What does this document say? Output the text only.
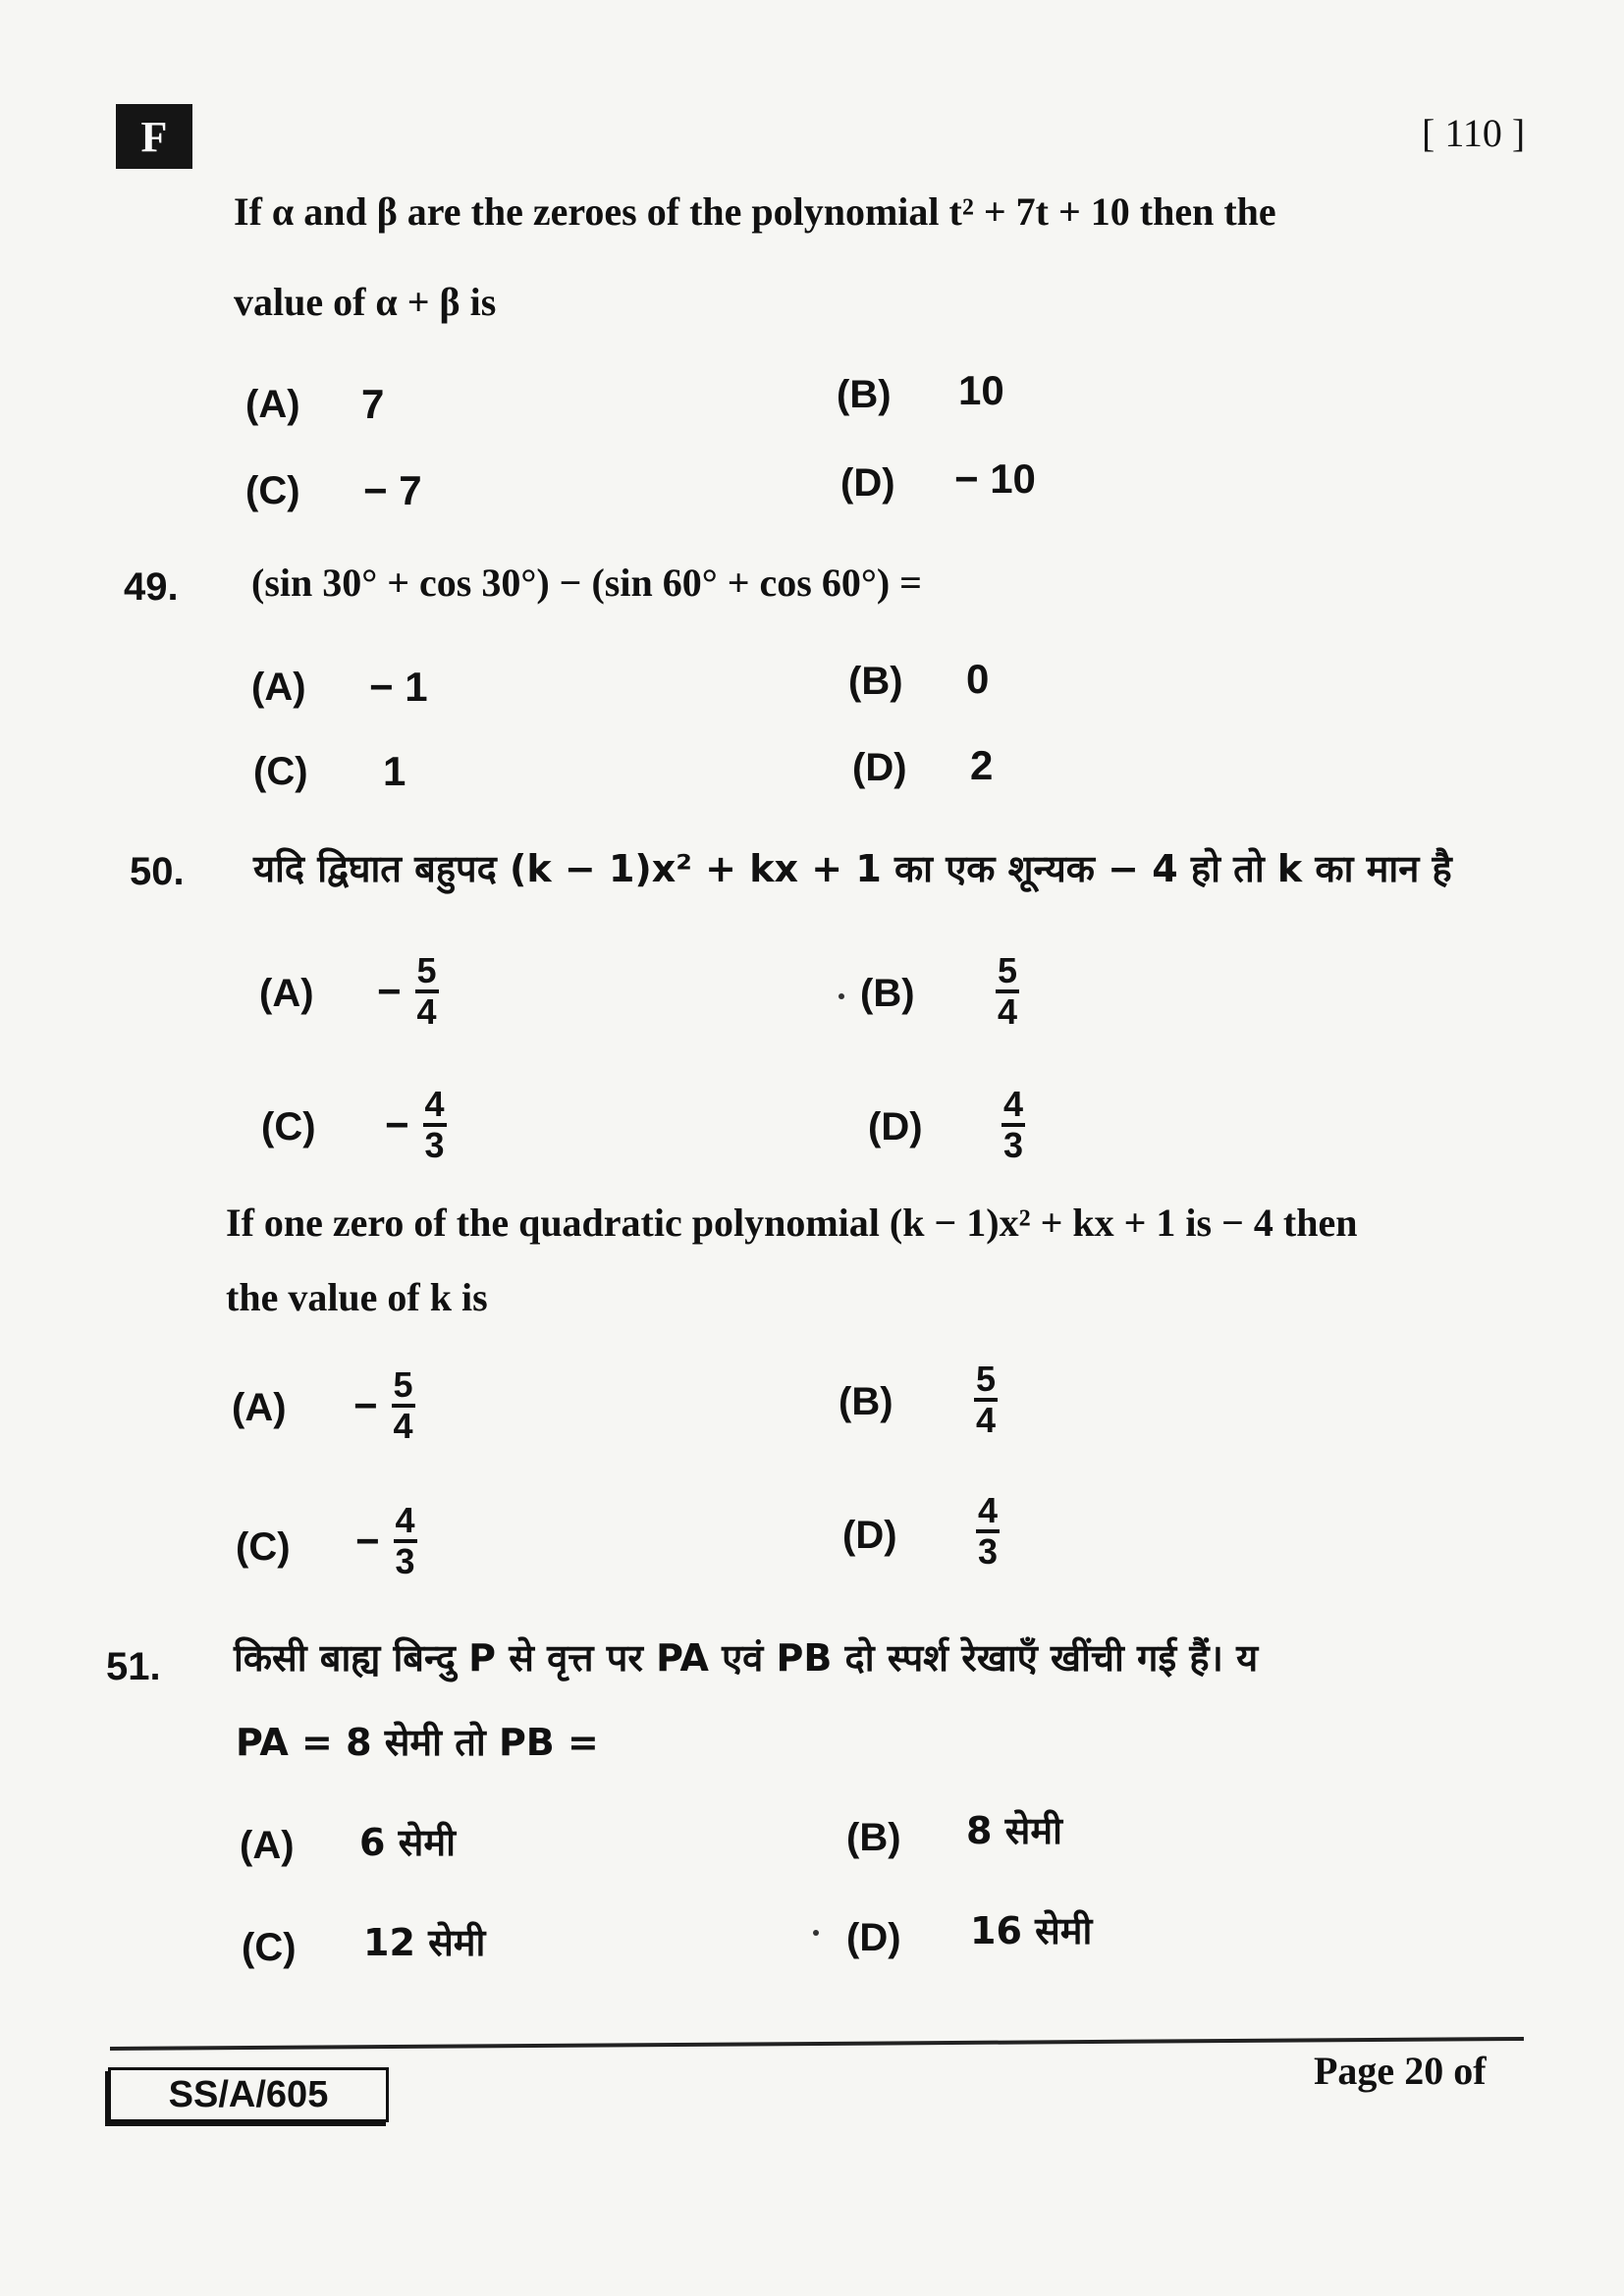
F	[ 110 ]
If α and β are the zeroes of the polynomial t² + 7t + 10 then the
value of α + β is
(A) 7	(B) 10
(C) − 7	(D) − 10
49. (sin 30° + cos 30°) − (sin 60° + cos 60°) =
(A) − 1	(B) 0
(C) 1	(D) 2
50. यदि द्विघात बहुपद (k − 1)x² + kx + 1 का एक शून्यक − 4 हो तो k का मान है
$(A) - \frac{5}{4}$	$(B) \frac{5}{4}$
$(C) - \frac{4}{3}$	$(D) \frac{4}{3}$
If one zero of the quadratic polynomial (k − 1)x² + kx + 1 is − 4 then
the value of k is
$(A) - \frac{5}{4}$	$(B) \frac{5}{4}$
$(C) - \frac{4}{3}$	$(D) \frac{4}{3}$
51. किसी बाह्य बिन्दु P से वृत्त पर PA एवं PB दो स्पर्श रेखाएँ खींची गई हैं। य
PA = 8 सेमी तो PB =
(A) 6 सेमी	(B) 8 सेमी
(C) 12 सेमी	(D) 16 सेमी
SS/A/605
Page 20 of
